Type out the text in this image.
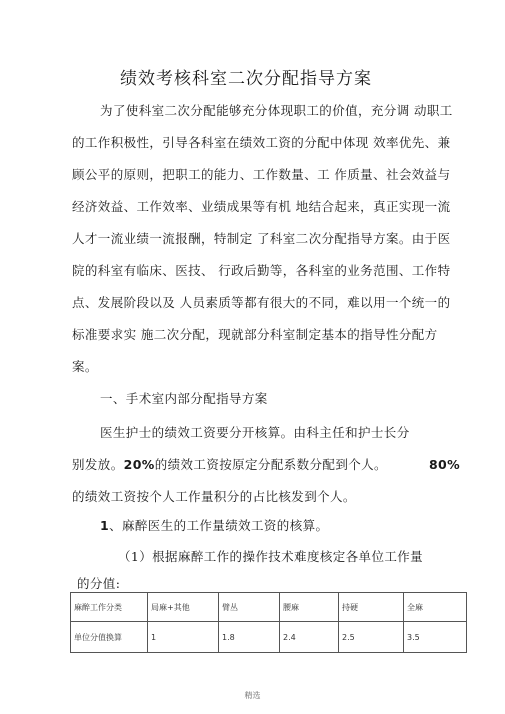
绩效考核科室二次分配指导方案
为了使科室二次分配能够充分体现职工的价值，充分调 动职工
的工作积极性，引导各科室在绩效工资的分配中体现 效率优先、兼
顾公平的原则，把职工的能力、工作数量、工 作质量、社会效益与
经济效益、工作效率、业绩成果等有机 地结合起来，真正实现一流
人才一流业绩一流报酬，特制定 了科室二次分配指导方案。由于医
院的科室有临床、医技、 行政后勤等，各科室的业务范围、工作特
点、发展阶段以及 人员素质等都有很大的不同，难以用一个统一的
标准要求实 施二次分配，现就部分科室制定基本的指导性分配方
案。
一、手术室内部分配指导方案
医生护士的绩效工资要分开核算。由科主任和护士长分
别发放。20%的绩效工资按原定分配系数分配到个人。	80%
的绩效工资按个人工作量积分的占比核发到个人。
1、麻醉医生的工作量绩效工资的核算。
（1）根据麻醉工作的操作技术难度核定各单位工作量
的分值:
麻醉工作分类	局麻+其他	臂丛	腰麻	持硬	全麻
单位分值换算	1	1.8	2.4	2.5	3.5
精选
